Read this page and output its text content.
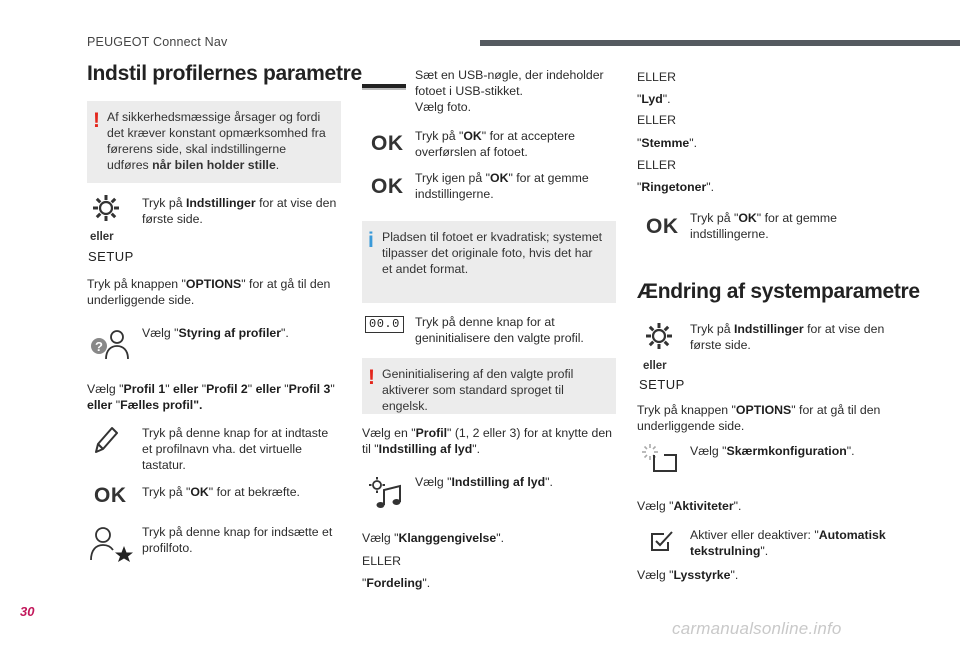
PEUGEOT Connect Nav
Indstil profilernes parametre
! Af sikkerhedsmæssige årsager og fordi det kræver konstant opmærksomhed fra førerens side, skal indstillingerne udføres når bilen holder stille.
eller
SETUP
Tryk på Indstillinger for at vise den første side.
Tryk på knappen "OPTIONS" for at gå til den underliggende side.
?
Vælg "Styring af profiler".
Vælg "Profil 1" eller "Profil 2" eller "Profil 3" eller "Fælles profil".
Tryk på denne knap for at indtaste et profilnavn vha. det virtuelle tastatur.
OK Tryk på "OK" for at bekræfte.
Tryk på denne knap for indsætte et profilfoto.
Sæt en USB-nøgle, der indeholder fotoet i USB-stikket.
Vælg foto.
OK Tryk på "OK" for at acceptere overførslen af fotoet.
OK Tryk igen på "OK" for at gemme indstillingerne.
i Pladsen til fotoet er kvadratisk; systemet tilpasser det originale foto, hvis det har et andet format.
00.0	Tryk på denne knap for at geninitialisere den valgte profil.
! Geninitialisering af den valgte profil aktiverer som standard sproget til engelsk.
Vælg en "Profil" (1, 2 eller 3) for at knytte den til "Indstilling af lyd".
Vælg "Indstilling af lyd".
Vælg "Klanggengivelse".
ELLER
"Fordeling".
ELLER
"Lyd".
ELLER
"Stemme".
ELLER
"Ringetoner".
OK Tryk på "OK" for at gemme indstillingerne.
Ændring af systemparametre
eller
SETUP
Tryk på Indstillinger for at vise den første side.
Tryk på knappen "OPTIONS" for at gå til den underliggende side.
Vælg "Skærmkonfiguration".
Vælg "Aktiviteter".
Aktiver eller deaktiver: "Automatisk tekstrulning".
Vælg "Lysstyrke".
30
carmanualsonline.info
